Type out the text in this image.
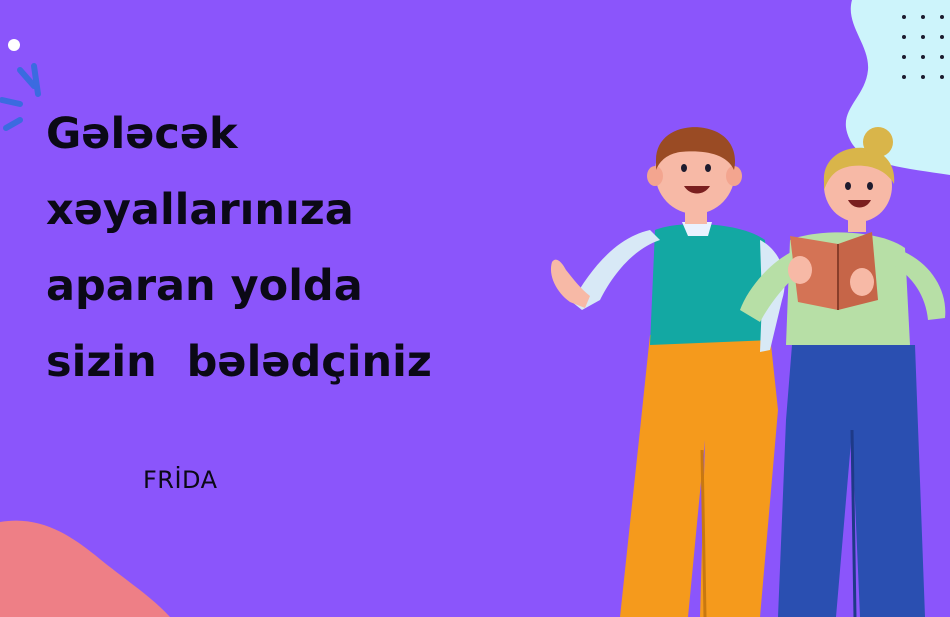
Gələcək
xəyallarınıza
aparan yolda
sizin  bələdçiniz
FRİDA
